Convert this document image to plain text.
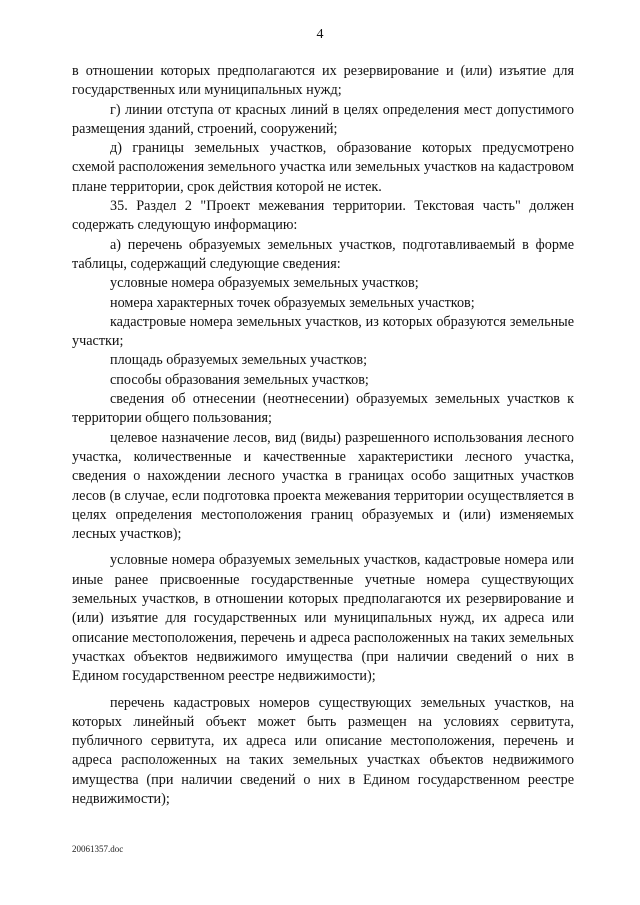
4

в отношении которых предполагаются их резервирование и (или) изъятие для государственных или муниципальных нужд;

г) линии отступа от красных линий в целях определения мест допустимого размещения зданий, строений, сооружений;

д) границы земельных участков, образование которых предусмотрено схемой расположения земельного участка или земельных участков на кадастровом плане территории, срок действия которой не истек.

35. Раздел 2 "Проект межевания территории. Текстовая часть" должен содержать следующую информацию:

а) перечень образуемых земельных участков, подготавливаемый в форме таблицы, содержащий следующие сведения:

условные номера образуемых земельных участков;

номера характерных точек образуемых земельных участков;

кадастровые номера земельных участков, из которых образуются земельные участки;

площадь образуемых земельных участков;

способы образования земельных участков;

сведения об отнесении (неотнесении) образуемых земельных участков к территории общего пользования;

целевое назначение лесов, вид (виды) разрешенного использования лесного участка, количественные и качественные характеристики лесного участка, сведения о нахождении лесного участка в границах особо защитных участков лесов (в случае, если подготовка проекта межевания территории осуществляется в целях определения местоположения границ образуемых и (или) изменяемых лесных участков);

условные номера образуемых земельных участков, кадастровые номера или иные ранее присвоенные государственные учетные номера существующих земельных участков, в отношении которых предполагаются их резервирование и (или) изъятие для государственных или муниципальных нужд, их адреса или описание местоположения, перечень и адреса расположенных на таких земельных участках объектов недвижимого имущества (при наличии сведений о них в Едином государственном реестре недвижимости);

перечень кадастровых номеров существующих земельных участков, на которых линейный объект может быть размещен на условиях сервитута, публичного сервитута, их адреса или описание местоположения, перечень и адреса расположенных на таких земельных участках объектов недвижимого имущества (при наличии сведений о них в Едином государственном реестре недвижимости);

20061357.doc
